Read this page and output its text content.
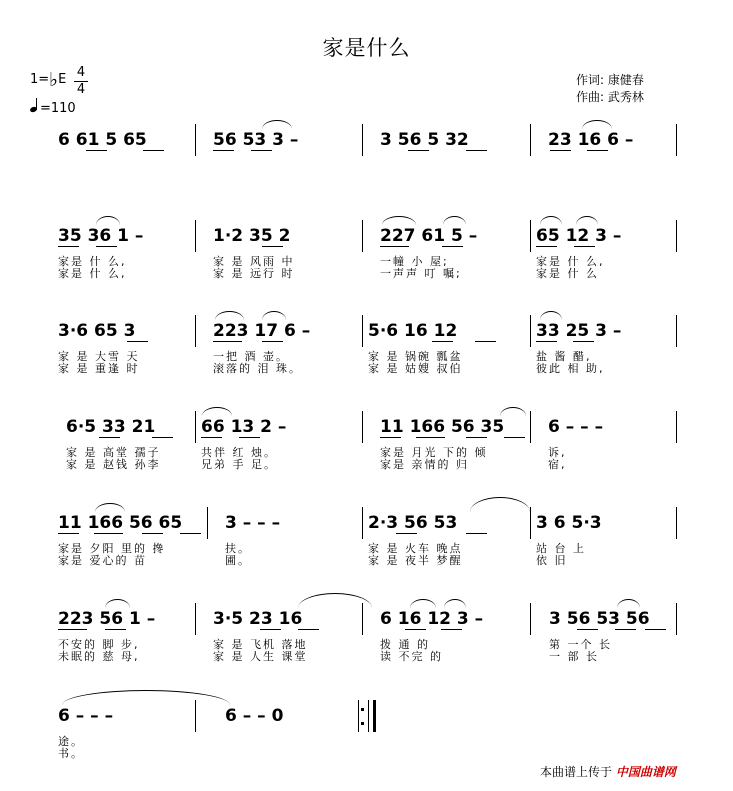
家是什么
1=♭E 4
4
=110
作词: 康健春
作曲: 武秀林
6 61 5 65	56 53 3 –	3 56 5 32	23 16 6 –
35 36 1 –
家是 什 么,
家是 什 么,
1·2 35 2
家 是 风雨 中
家 是 远行 时
227 61 5 –
一幢 小 屋;
一声声 叮 嘱;
65 12 3 –
家是 什 么,
家是 什 么
3·6 65 3
家 是 大雪 天
家 是 重逢 时
223 17 6 –
一把 酒 壶。
滚落的 泪 珠。
5·6 16 12
家 是 锅碗 瓢盆
家 是 姑嫂 叔伯
33 25 3 –
盐 酱 醋,
彼此 相 助,
6·5 33 21
家 是 高堂 孺子
家 是 赵钱 孙李
66 13 2 –
共伴 红 烛。
兄弟 手 足。
11 166 56 35
家是 月光 下的 倾
家是 亲情的 归
6 – – –
诉,
宿,
11 166 56 65
家是 夕阳 里的 搀
家是 爱心的 苗
3 – – –
扶。
圃。
2·3 56 53
家 是 火车 晚点
家 是 夜半 梦醒
3 6 5·3
站 台 上
依 旧
223 56 1 –
不安的 脚 步,
未眠的 慈 母,
3·5 23 16
家 是 飞机 落地
家 是 人生 课堂
6 16 12 3 –
拨 通 的
读 不完 的
3 56 53 56
第 一个 长
一 部 长
6 – – –
途。
书。
6 – – 0
本曲谱上传于 中国曲谱网
